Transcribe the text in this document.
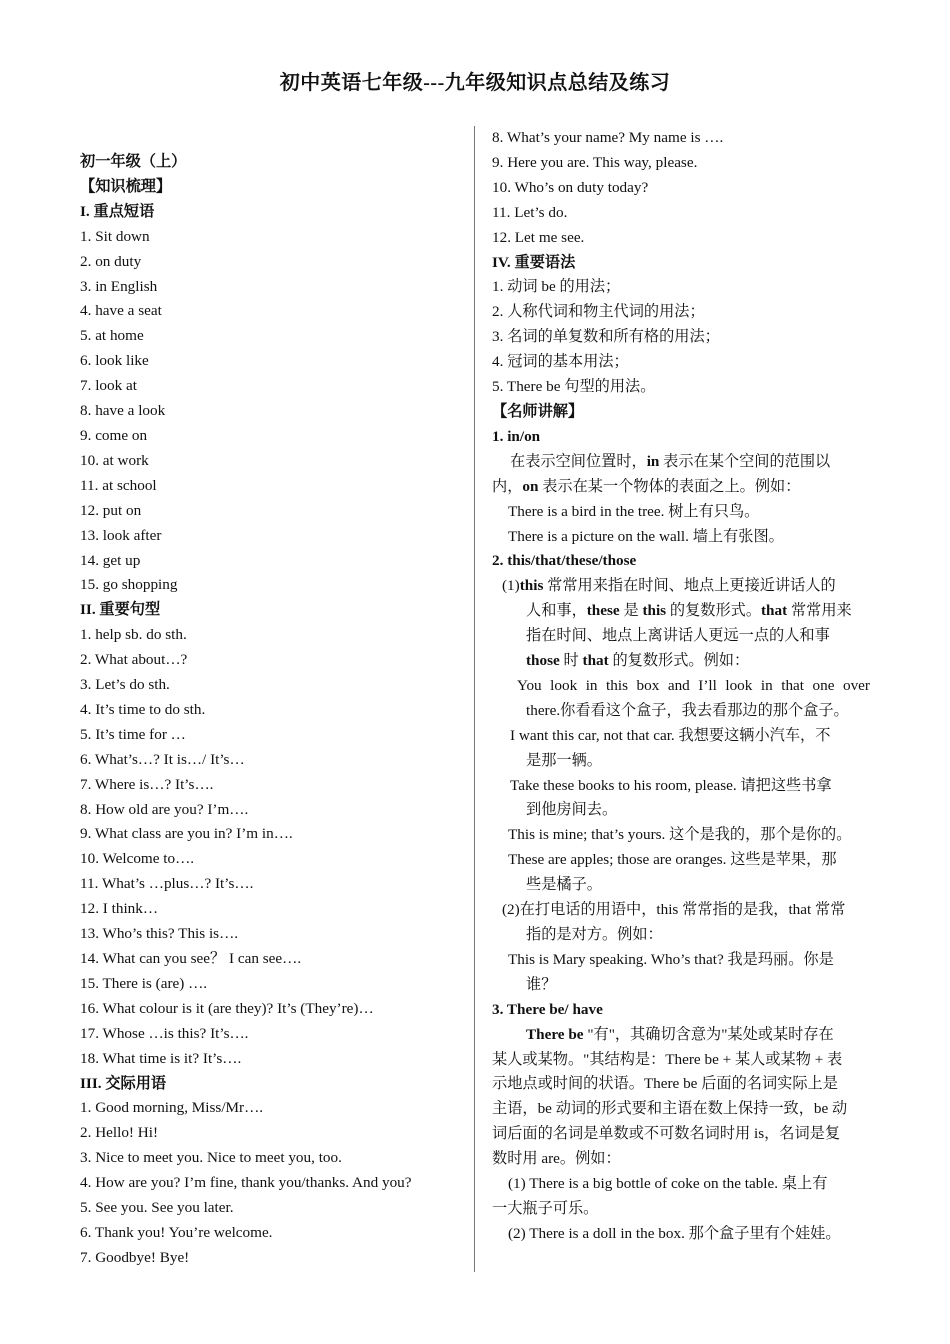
初中英语七年级---九年级知识点总结及练习
初一年级（上）
【知识梳理】
I. 重点短语
1. Sit down
2. on duty
3. in English
4. have a seat
5. at home
6. look like
7. look at
8. have a look
9. come on
10. at work
11. at school
12. put on
13. look after
14. get up
15. go shopping
II. 重要句型
1. help sb. do sth.
2. What about…?
3. Let’s do sth.
4. It’s time to do sth.
5. It’s time for …
6. What’s…? It is…/ It’s…
7. Where is…? It’s….
8. How old are you? I’m….
9. What class are you in? I’m in….
10. Welcome to….
11. What’s …plus…? It’s….
12. I think…
13. Who’s this? This is….
14. What can you see？ I can see….
15. There is (are) ….
16. What colour is it (are they)? It’s (They’re)…
17. Whose …is this? It’s….
18. What time is it? It’s….
III. 交际用语
1. Good morning, Miss/Mr….
2. Hello! Hi!
3. Nice to meet you. Nice to meet you, too.
4. How are you? I’m fine, thank you/thanks. And you?
5. See you. See you later.
6. Thank you! You’re welcome.
7. Goodbye! Bye!
8. What’s your name? My name is ….
9. Here you are. This way, please.
10. Who’s on duty today?
11. Let’s do.
12. Let me see.
IV. 重要语法
1. 动词 be 的用法；
2. 人称代词和物主代词的用法；
3. 名词的单复数和所有格的用法；
4. 冠词的基本用法；
5. There be 句型的用法。
【名师讲解】
1. in/on
在表示空间位置时，in 表示在某个空间的范围以
内，on 表示在某一个物体的表面之上。例如：
There is a bird in the tree. 树上有只鸟。
There is a picture on the wall. 墙上有张图。
2. this/that/these/those
(1)this 常常用来指在时间、地点上更接近讲话人的
人和事，these 是 this 的复数形式。that 常常用来
指在时间、地点上离讲话人更远一点的人和事
those 时 that 的复数形式。例如：
You look in this box and I’ll look in that one over
there.你看看这个盒子，我去看那边的那个盒子。
I want this car, not that car. 我想要这辆小汽车，不
是那一辆。
Take these books to his room, please. 请把这些书拿
到他房间去。
This is mine; that’s yours. 这个是我的，那个是你的。
These are apples; those are oranges. 这些是苹果，那
些是橘子。
(2)在打电话的用语中，this 常常指的是我，that 常常
指的是对方。例如：
This is Mary speaking. Who’s that? 我是玛丽。你是
谁？
3. There be/ have
There be "有"，其确切含意为"某处或某时存在
某人或某物。"其结构是：There be + 某人或某物 + 表
示地点或时间的状语。There be 后面的名词实际上是
主语，be 动词的形式要和主语在数上保持一致，be 动
词后面的名词是单数或不可数名词时用 is，名词是复
数时用 are。例如：
(1) There is a big bottle of coke on the table. 桌上有
一大瓶子可乐。
(2) There is a doll in the box. 那个盒子里有个娃娃。
